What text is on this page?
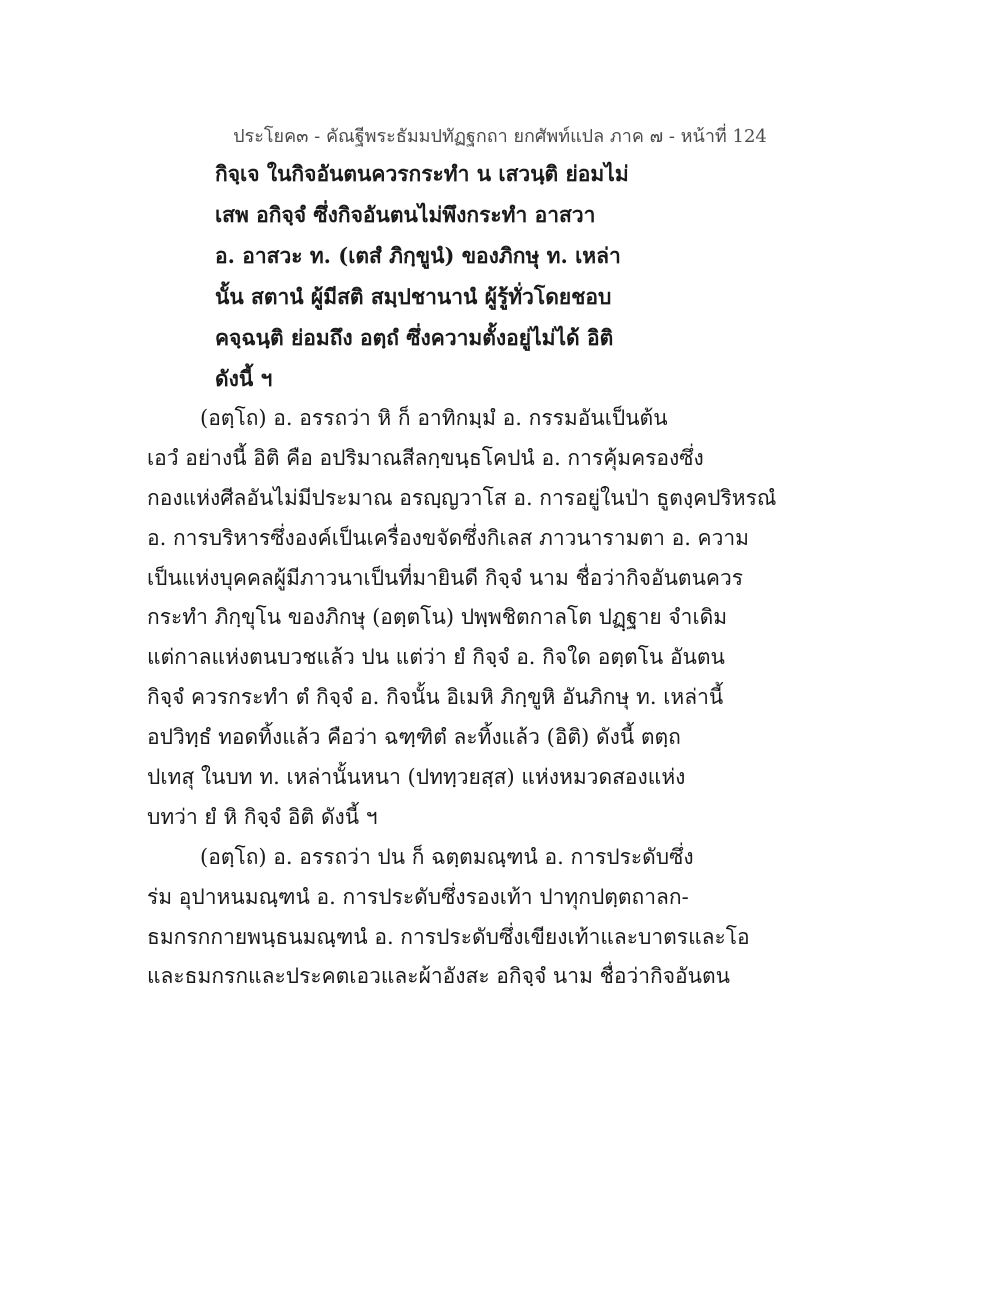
ประโยค๓ - คัณฐีพระธัมมปทัฏฐกถา ยกศัพท์แปล ภาค ๗ - หน้าที่ 124
กิจฺเจ ในกิจอันตนควรกระทำ น เสวนฺติ ย่อมไม่
เสพ อกิจฺจํ ซึ่งกิจอันตนไม่พึงกระทำ อาสวา
อ. อาสวะ ท. (เตสํ ภิกฺขูนํ) ของภิกษุ ท. เหล่า
นั้น สตานํ ผู้มีสติ สมฺปชานานํ ผู้รู้ทั่วโดยชอบ
คจฺฉนฺติ ย่อมถึง อตฺถํ ซึ่งความตั้งอยู่ไม่ได้ อิติ
ดังนี้ ฯ
(อตฺโถ) อ. อรรถว่า หิ ก็ อาทิกมฺมํ อ. กรรมอันเป็นต้น
เอวํ อย่างนี้ อิติ คือ อปริมาณสีลกฺขนฺธโคปนํ อ. การคุ้มครองซึ่ง
กองแห่งศีลอันไม่มีประมาณ อรญฺญวาโส อ. การอยู่ในป่า ธูตงฺคปริหรณํ
อ. การบริหารซึ่งองค์เป็นเครื่องขจัดซึ่งกิเลส ภาวนารามตา อ. ความ
เป็นแห่งบุคคลผู้มีภาวนาเป็นที่มายินดี กิจฺจํ นาม ชื่อว่ากิจอันตนควร
กระทำ ภิกฺขุโน ของภิกษุ (อตฺตโน) ปพฺพชิตกาลโต ปฏฺฐาย จำเดิม
แต่กาลแห่งตนบวชแล้ว ปน แต่ว่า ยํ กิจฺจํ อ. กิจใด อตฺตโน อันตน
กิจฺจํ ควรกระทำ ตํ กิจฺจํ อ. กิจนั้น อิเมหิ ภิกฺขูหิ อันภิกษุ ท. เหล่านี้
อปวิทฺธํ ทอดทิ้งแล้ว คือว่า ฉฑฺฑิตํ ละทิ้งแล้ว (อิติ) ดังนี้ ตตฺถ
ปเทสุ ในบท ท. เหล่านั้นหนา (ปททฺวยสฺส) แห่งหมวดสองแห่ง
บทว่า ยํ หิ กิจฺจํ อิติ ดังนี้ ฯ
(อตฺโถ) อ. อรรถว่า ปน ก็ ฉตฺตมณฺฑนํ อ. การประดับซึ่ง
ร่ม อุปาหนมณฺฑนํ อ. การประดับซึ่งรองเท้า ปาทุกปตฺตถาลก-
ธมกรกกายพนฺธนมณฺฑนํ อ. การประดับซึ่งเขียงเท้าและบาตรและโอ
และธมกรกและประคตเอวและผ้าอังสะ อกิจฺจํ นาม ชื่อว่ากิจอันตน
